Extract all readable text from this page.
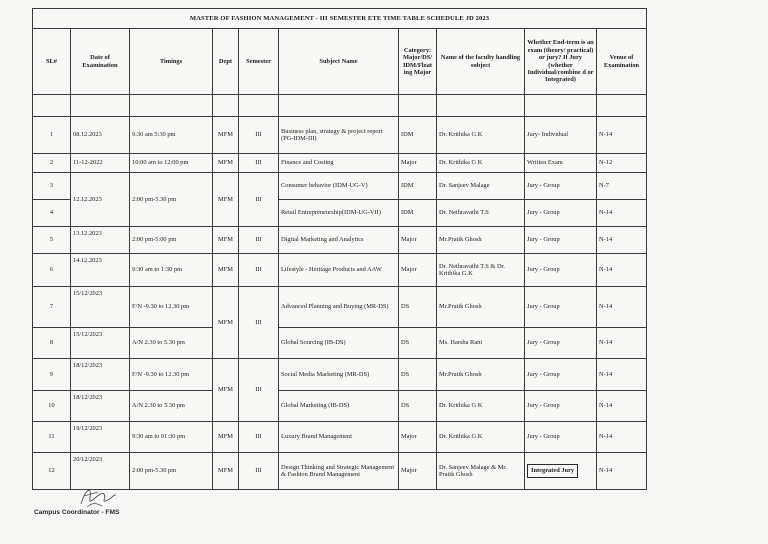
MASTER OF FASHION MANAGEMENT - III SEMESTER ETE TIME TABLE SCHEDULE JD 2023									
SL#	Date of Examination	Timings	Dept	Semester	Subject Name	Category: Major/DS/ IDM/Float ing Major	Name of the faculty handling subject	Whether End-term is an exam (theory/ practical) or jury? If Jury (whether Individual/combine d or Integrated)	Venue of Examination

1	08.12.2023	9:30 am 5:30 pm	MFM	III	Business plan, strategy & project report (PG-IDM-III)	IDM	Dr. Krithika G.K	Jury- Individual	N-14
2	11-12-2022	10:00 am to 12:00 pm	MFM	III	Finance and Costing	Major	Dr. Krithika G K	Written Exam	N-12
3	12.12.2023	2:00 pm-5.30 pm	MFM	III	Consumer behavior (IDM-UG-V)	IDM	Dr. Sanjeev Malage	Jury - Group	N-7
4					Retail Entrepreneurship(IDM-UG-VII)	IDM	Dr. Nethravathi T.S	Jury - Group	N-14
5	13.12.2023	2:00 pm-5:00 pm	MFM	III	Digital Marketing and Analytics	Major	Mr.Pratik Ghosh	Jury - Group	N-14
6	14.12.2023	9:30 am to 1:30 pm	MFM	III	Lifestyle - Heritage Products and AAW	Major	Dr. Nethravathi T.S & Dr. Krithika G.K	Jury - Group	N-14
7	15/12/2023	F/N -9.30 to 12.30 pm	MFM	III	Advanced Planning and Buying (MR-DS)	DS	Mr.Pratik Ghosh	Jury - Group	N-14
8	15/12/2023	A/N 2.30 to 5.30 pm			Global Sourcing (IB-DS)	DS	Ms. Harsha Rani	Jury - Group	N-14
9	18/12/2023	F/N -9.30 to 12.30 pm	MFM	III	Social Media Marketing (MR-DS)	DS	Mr.Pratik Ghosh	Jury - Group	N-14
10	18/12/2023	A/N 2.30 to 5.30 pm			Global Marketing (IB-DS)	DS	Dr. Krithika G K	Jury - Group	N-14
11	19/12/2023	9:30 am to 01:30 pm	MFM	III	Luxury Brand Management	Major	Dr. Krithika G K	Jury - Group	N-14
12	20/12/2023	2:00 pm-5.30 pm	MFM	III	Design Thinking and Strategic Management & Fashion Brand Management	Major	Dr. Sanjeev Malage & Mr. Pratik Ghosh	Integrated Jury	N-14
Campus Coordinator - FMS
